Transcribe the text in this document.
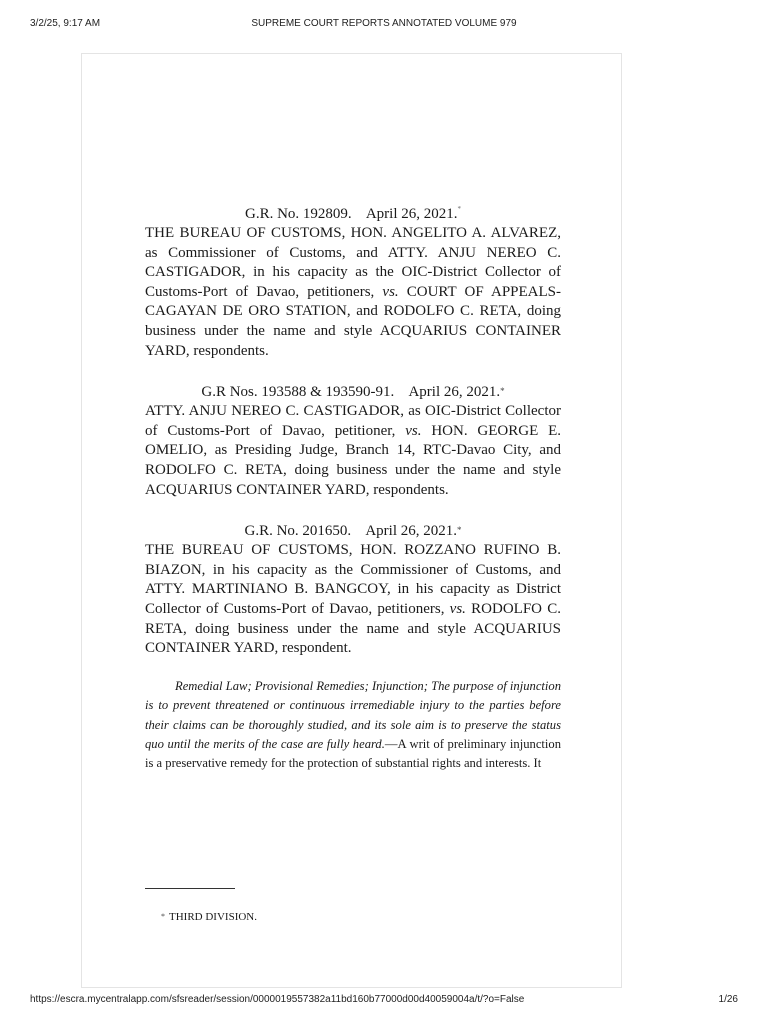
3/2/25, 9:17 AM	SUPREME COURT REPORTS ANNOTATED VOLUME 979

G.R. No. 192809. April 26, 2021.*

THE BUREAU OF CUSTOMS, HON. ANGELITO A. ALVAREZ, as Commissioner of Customs, and ATTY. ANJU NEREO C. CASTIGADOR, in his capacity as the OIC-District Collector of Customs-Port of Davao, petitioners, vs. COURT OF APPEALS-CAGAYAN DE ORO STATION, and RODOLFO C. RETA, doing business under the name and style ACQUARIUS CONTAINER YARD, respondents.

G.R Nos. 193588 & 193590-91. April 26, 2021.*

ATTY. ANJU NEREO C. CASTIGADOR, as OIC-District Collector of Customs-Port of Davao, petitioner, vs. HON. GEORGE E. OMELIO, as Presiding Judge, Branch 14, RTC-Davao City, and RODOLFO C. RETA, doing business under the name and style ACQUARIUS CONTAINER YARD, respondents.

G.R. No. 201650. April 26, 2021.*

THE BUREAU OF CUSTOMS, HON. ROZZANO RUFINO B. BIAZON, in his capacity as the Commissioner of Customs, and ATTY. MARTINIANO B. BANGCOY, in his capacity as District Collector of Customs-Port of Davao, petitioners, vs. RODOLFO C. RETA, doing business under the name and style ACQUARIUS CONTAINER YARD, respondent.

Remedial Law; Provisional Remedies; Injunction; The purpose of injunction is to prevent threatened or continuous irremediable injury to the parties before their claims can be thoroughly studied, and its sole aim is to preserve the status quo until the merits of the case are fully heard.—A writ of preliminary injunction is a preservative remedy for the protection of substantial rights and interests. It

* THIRD DIVISION.
https://escra.mycentralapp.com/sfsreader/session/0000019557382a11bd160b77000d00d40059004a/t/?o=False	1/26
